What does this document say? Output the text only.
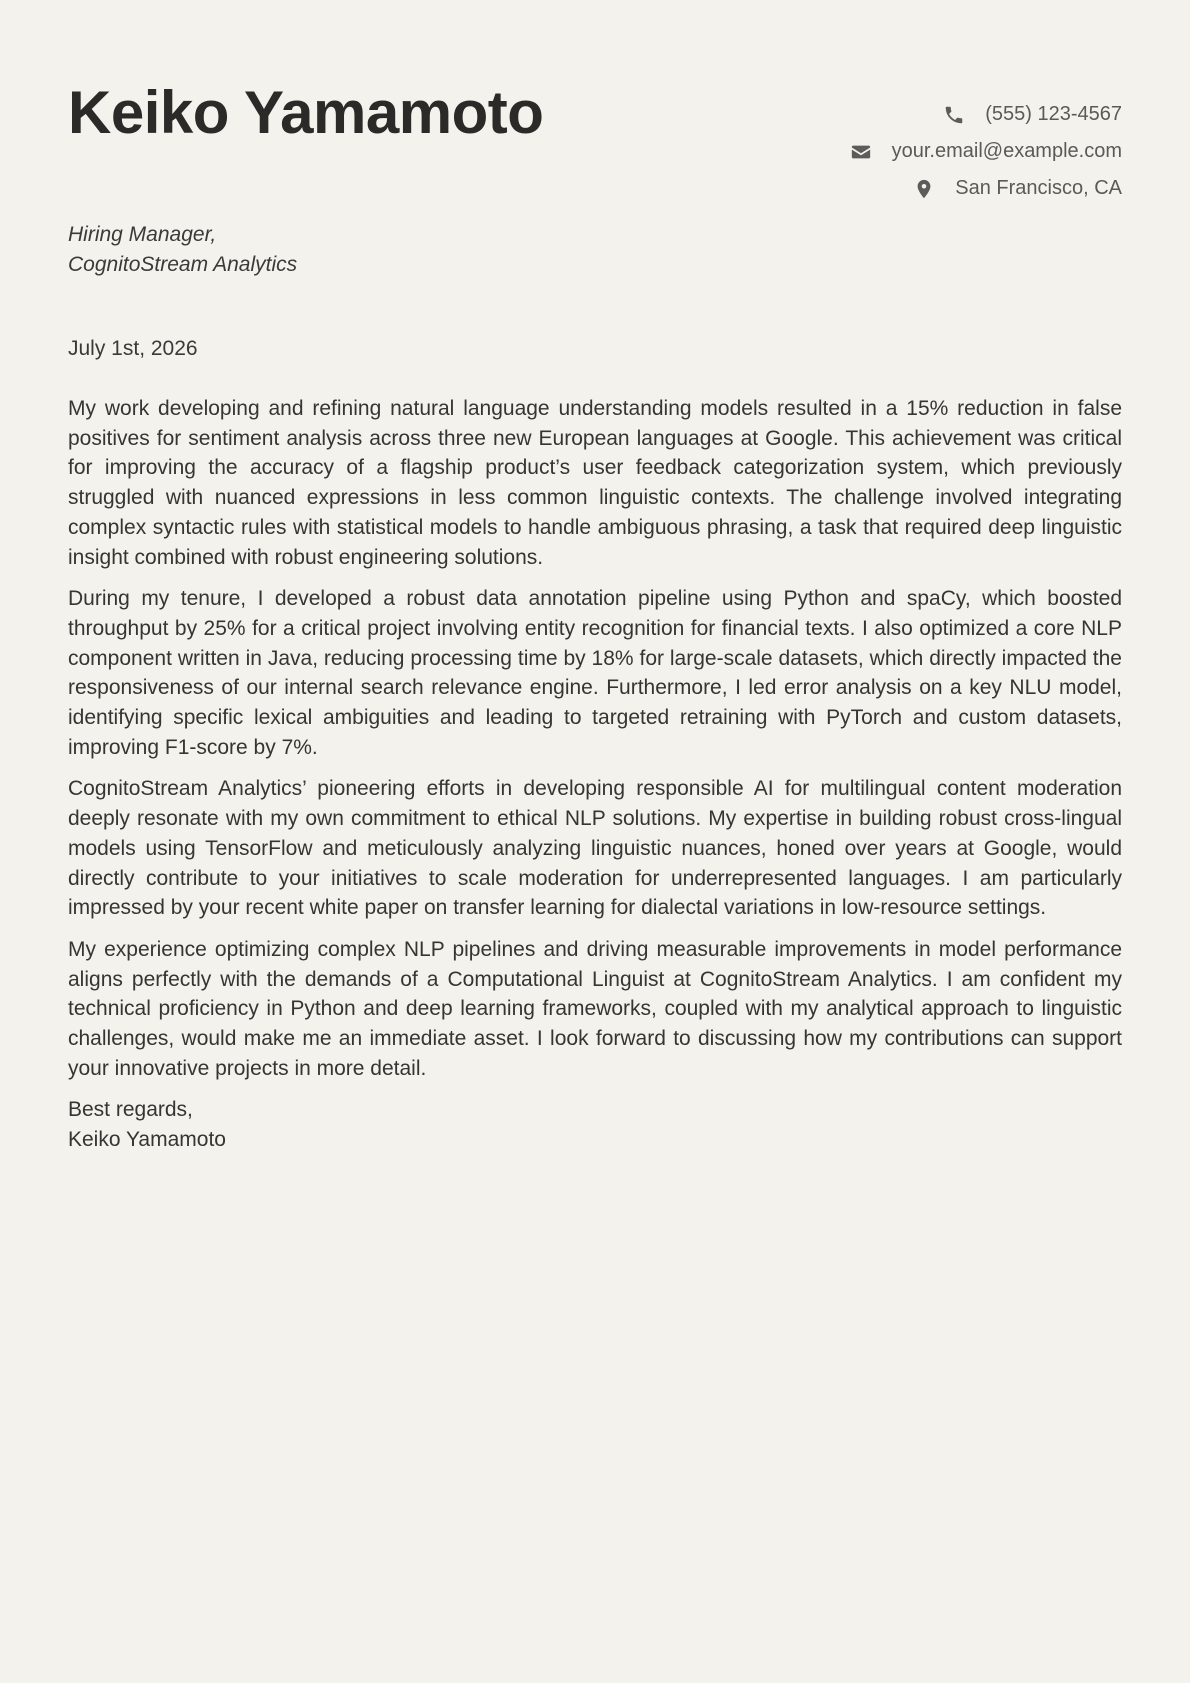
Keiko Yamamoto	(555) 123-4567
your.email@example.com
San Francisco, CA
Hiring Manager,
CognitoStream Analytics
July 1st, 2026

My work developing and refining natural language understanding models resulted in a 15% reduction in false positives for sentiment analysis across three new European languages at Google. This achievement was critical for improving the accuracy of a flagship product’s user feedback categorization system, which previously struggled with nuanced expressions in less common linguistic contexts. The challenge involved integrating complex syntactic rules with statistical models to handle ambiguous phrasing, a task that required deep linguistic insight combined with robust engineering solutions.

During my tenure, I developed a robust data annotation pipeline using Python and spaCy, which boosted throughput by 25% for a critical project involving entity recognition for financial texts. I also optimized a core NLP component written in Java, reducing processing time by 18% for large-scale datasets, which directly impacted the responsiveness of our internal search relevance engine. Furthermore, I led error analysis on a key NLU model, identifying specific lexical ambiguities and leading to targeted retraining with PyTorch and custom datasets, improving F1-score by 7%.

CognitoStream Analytics’ pioneering efforts in developing responsible AI for multilingual content moderation deeply resonate with my own commitment to ethical NLP solutions. My expertise in building robust cross-lingual models using TensorFlow and meticulously analyzing linguistic nuances, honed over years at Google, would directly contribute to your initiatives to scale moderation for underrepresented languages. I am particularly impressed by your recent white paper on transfer learning for dialectal variations in low-resource settings.

My experience optimizing complex NLP pipelines and driving measurable improvements in model performance aligns perfectly with the demands of a Computational Linguist at CognitoStream Analytics. I am confident my technical proficiency in Python and deep learning frameworks, coupled with my analytical approach to linguistic challenges, would make me an immediate asset. I look forward to discussing how my contributions can support your innovative projects in more detail.

Best regards,
Keiko Yamamoto
